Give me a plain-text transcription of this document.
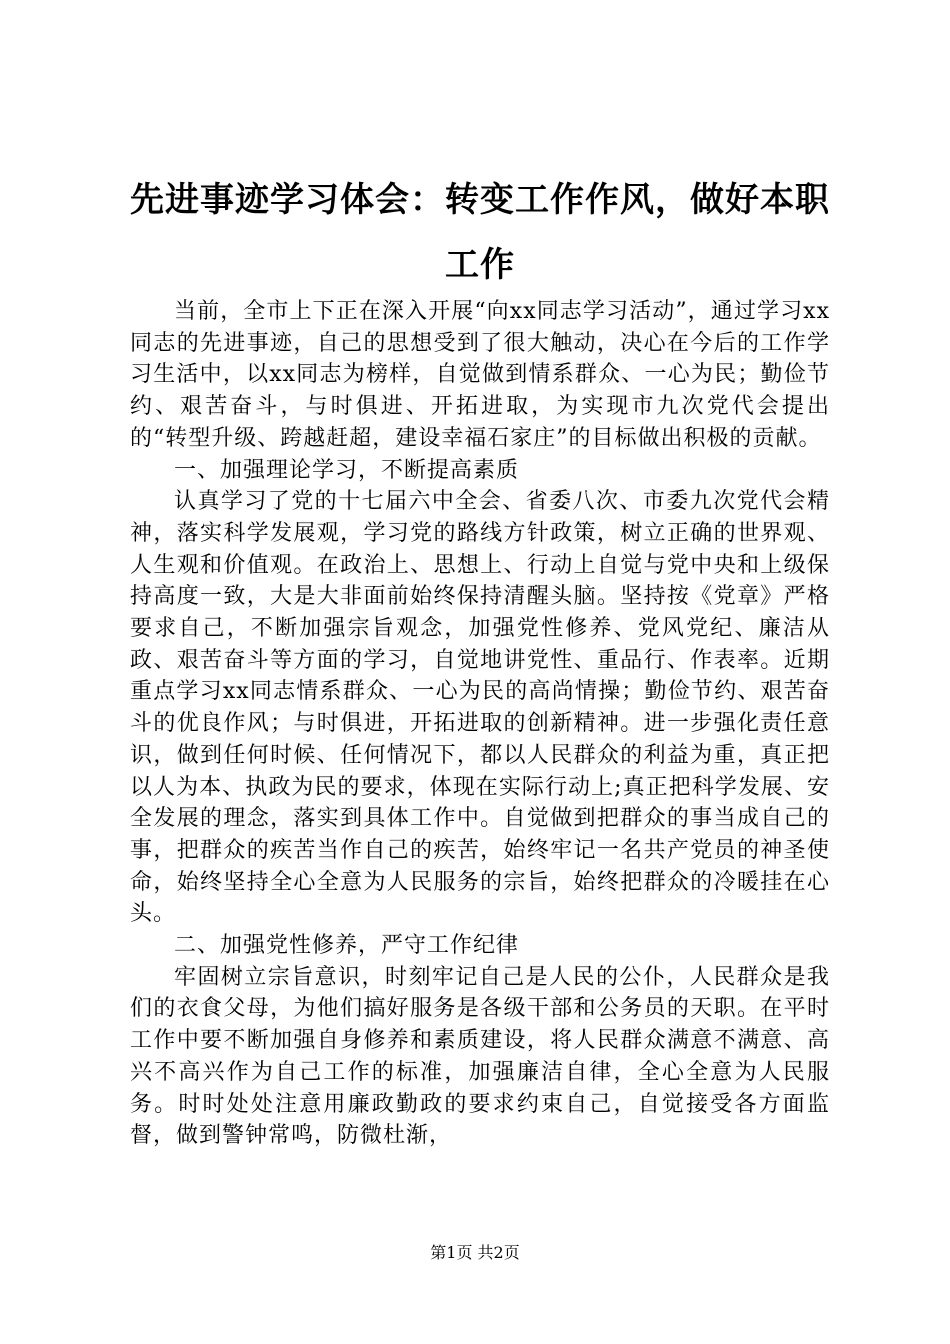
先进事迹学习体会：转变工作作风，做好本职工作

当前，全市上下正在深入开展“向xx同志学习活动”，通过学习xx同志的先进事迹，自己的思想受到了很大触动，决心在今后的工作学习生活中，以xx同志为榜样，自觉做到情系群众、一心为民；勤俭节约、艰苦奋斗，与时俱进、开拓进取，为实现市九次党代会提出的“转型升级、跨越赶超，建设幸福石家庄”的目标做出积极的贡献。

一、加强理论学习，不断提高素质

认真学习了党的十七届六中全会、省委八次、市委九次党代会精神，落实科学发展观，学习党的路线方针政策，树立正确的世界观、人生观和价值观。在政治上、思想上、行动上自觉与党中央和上级保持高度一致，大是大非面前始终保持清醒头脑。坚持按《党章》严格要求自己，不断加强宗旨观念，加强党性修养、党风党纪、廉洁从政、艰苦奋斗等方面的学习，自觉地讲党性、重品行、作表率。近期重点学习xx同志情系群众、一心为民的高尚情操；勤俭节约、艰苦奋斗的优良作风；与时俱进，开拓进取的创新精神。进一步强化责任意识，做到任何时候、任何情况下，都以人民群众的利益为重，真正把以人为本、执政为民的要求，体现在实际行动上;真正把科学发展、安全发展的理念，落实到具体工作中。自觉做到把群众的事当成自己的事，把群众的疾苦当作自己的疾苦，始终牢记一名共产党员的神圣使命，始终坚持全心全意为人民服务的宗旨，始终把群众的冷暖挂在心头。

二、加强党性修养，严守工作纪律

牢固树立宗旨意识，时刻牢记自己是人民的公仆，人民群众是我们的衣食父母，为他们搞好服务是各级干部和公务员的天职。在平时工作中要不断加强自身修养和素质建设，将人民群众满意不满意、高兴不高兴作为自己工作的标准，加强廉洁自律，全心全意为人民服务。时时处处注意用廉政勤政的要求约束自己，自觉接受各方面监督，做到警钟常鸣，防微杜渐，

第1页 共2页
